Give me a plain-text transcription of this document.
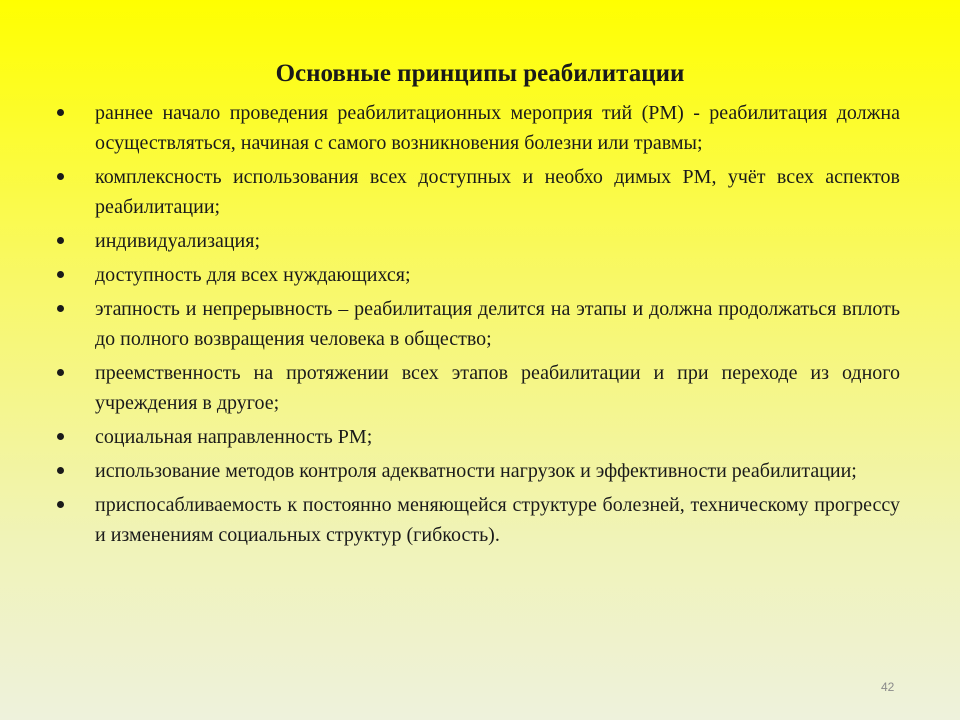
Основные принципы реабилитации
раннее начало проведения реабилитационных мероприя тий (РМ) - реабилитация должна осуществляться, начиная с самого возникновения болезни или травмы;
комплексность использования всех доступных и необхо димых РМ, учёт всех аспектов реабилитации;
индивидуализация;
доступность для всех нуждающихся;
этапность и непрерывность – реабилитация делится на этапы и должна продолжаться вплоть до полного возвращения человека в общество;
преемственность на протяжении всех этапов реабилитации и при переходе из одного учреждения в другое;
социальная направленность РМ;
использование методов контроля адекватности нагрузок и эффективности реабилитации;
приспосабливаемость к постоянно меняющейся структуре болезней, техническому прогрессу и изменениям социальных структур (гибкость).
42
